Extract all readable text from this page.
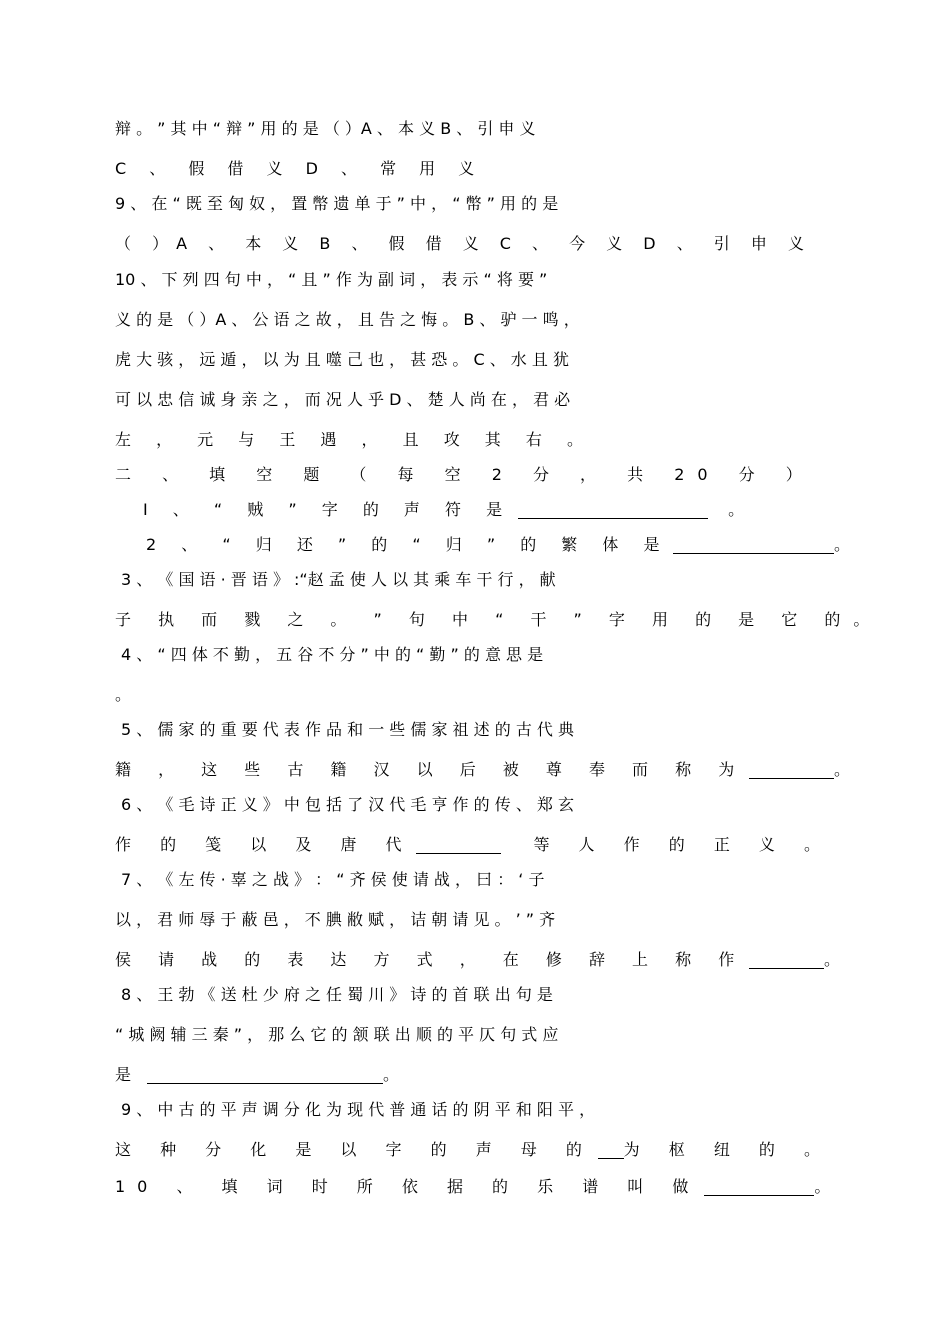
辩 。 ” 其 中 “ 辩 ” 用 的 是 （ ）A 、 本 义 B 、 引 申 义
C 、 假 借 义 D 、 常 用 义
9 、 在 “ 既 至 匈 奴 ， 置 幣 遗 单 于 ” 中 ， “ 幣 ” 用 的 是
（ ）A 、 本 义 B 、 假 借 义 C 、 今 义 D 、 引 申 义
10 、 下 列 四 句 中 ， “ 且 ” 作 为 副 词 ， 表 示 “ 将 要 ”
义 的 是 （ ）A 、 公 语 之 故 ， 且 告 之 悔 。 B 、 驴 一 鸣 ，
虎 大 骇 ， 远 遁 ， 以 为 且 噬 己 也 ， 甚 恐 。 C 、 水 且 犹
可 以 忠 信 诚 身 亲 之 ， 而 况 人 乎 D 、 楚 人 尚 在 ， 君 必
左 ， 元 与 王 遇 ， 且 攻 其 右 。
二 、 填 空 题 （ 每 空 2 分 ， 共 20 分 ）
I 、 “ 贼 ” 字 的 声 符 是	。
2 、 “ 归 还 ” 的 “ 归 ” 的 繁 体 是	。
3 、 《 国 语 · 晋 语 》 :“赵 孟 使 人 以 其 乘 车 干 行 ， 献
子 执 而 戮 之 。 ” 句 中 “ 干 ” 字 用 的 是 它 的 。
4 、 “ 四 体 不 勤 ， 五 谷 不 分 ” 中 的 “ 勤 ” 的 意 思 是
。
5 、 儒 家 的 重 要 代 表 作 品 和 一 些 儒 家 祖 述 的 古 代 典
籍 ， 这 些 古 籍 汉 以 后 被 尊 奉 而 称 为	。
6 、 《 毛 诗 正 义 》 中 包 括 了 汉 代 毛 亨 作 的 传 、 郑 玄
作 的 笺 以 及 唐 代	等 人 作 的 正 义 。
7 、 《 左 传 · 辜 之 战 》 ： “ 齐 侯 使 请 战 ， 曰 ： ‘ 子
以 ， 君 师 辱 于 蔽 邑 ， 不 腆 敝 赋 ， 诘 朝 请 见 。 ’ ” 齐
侯 请 战 的 表 达 方 式 ， 在 修 辞 上 称 作	。
8 、 王 勃 《 送 杜 少 府 之 任 蜀 川 》 诗 的 首 联 出 句 是
“ 城 阙 辅 三 秦 ” ， 那 么 它 的 颔 联 出 顺 的 平 仄 句 式 应
是	。
9 、 中 古 的 平 声 调 分 化 为 现 代 普 通 话 的 阴 平 和 阳 平 ，
这 种 分 化 是 以 字 的 声 母 的 为 枢 纽 的 。
10 、 填 词 时 所 依 据 的 乐 谱 叫 做	。
